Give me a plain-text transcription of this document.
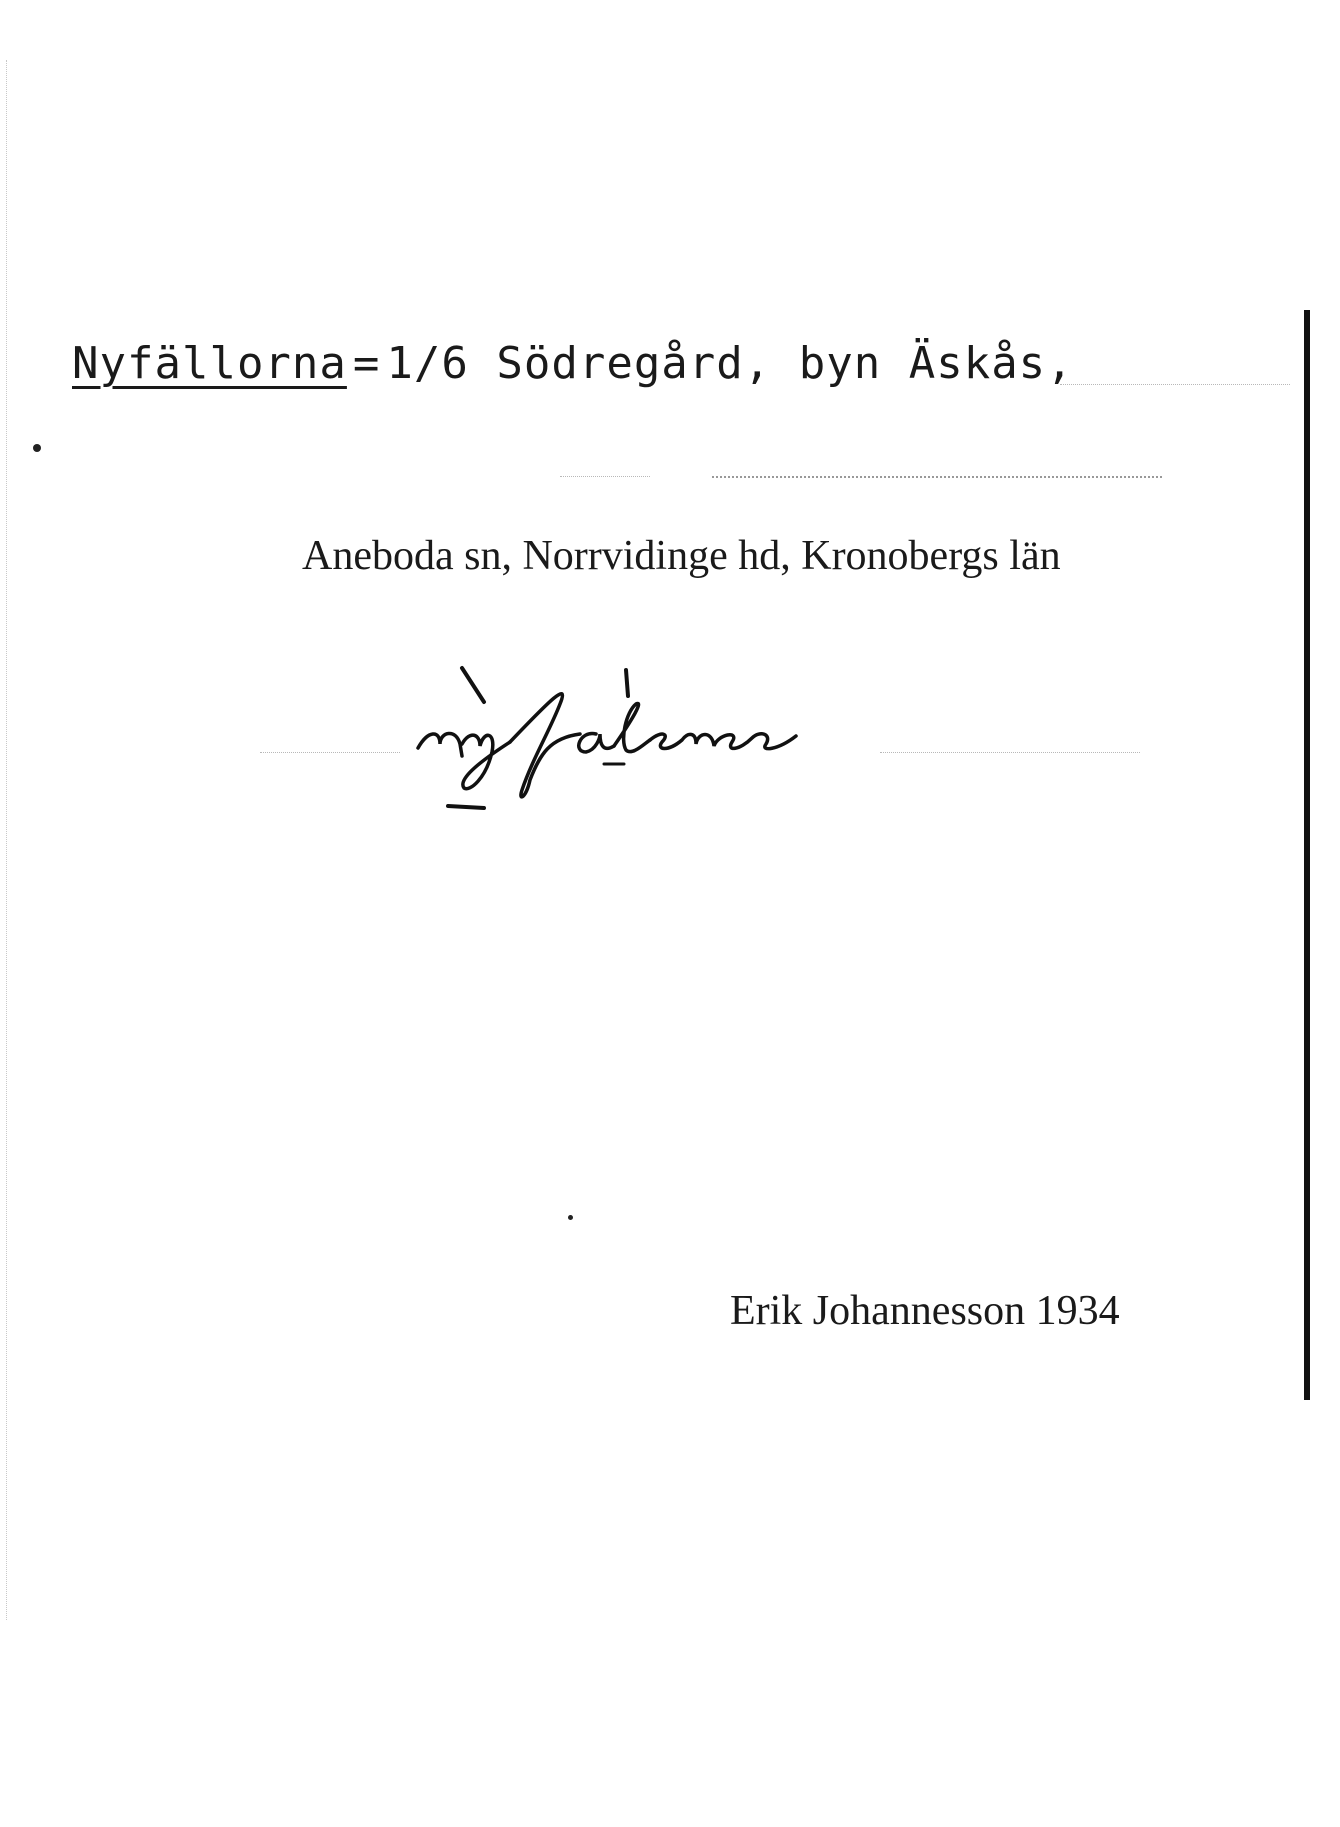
Nyfällorna = 1/6 Södregård, byn Äskås,
Aneboda sn, Norrvidinge hd, Kronobergs län
Erik Johannesson 1934
